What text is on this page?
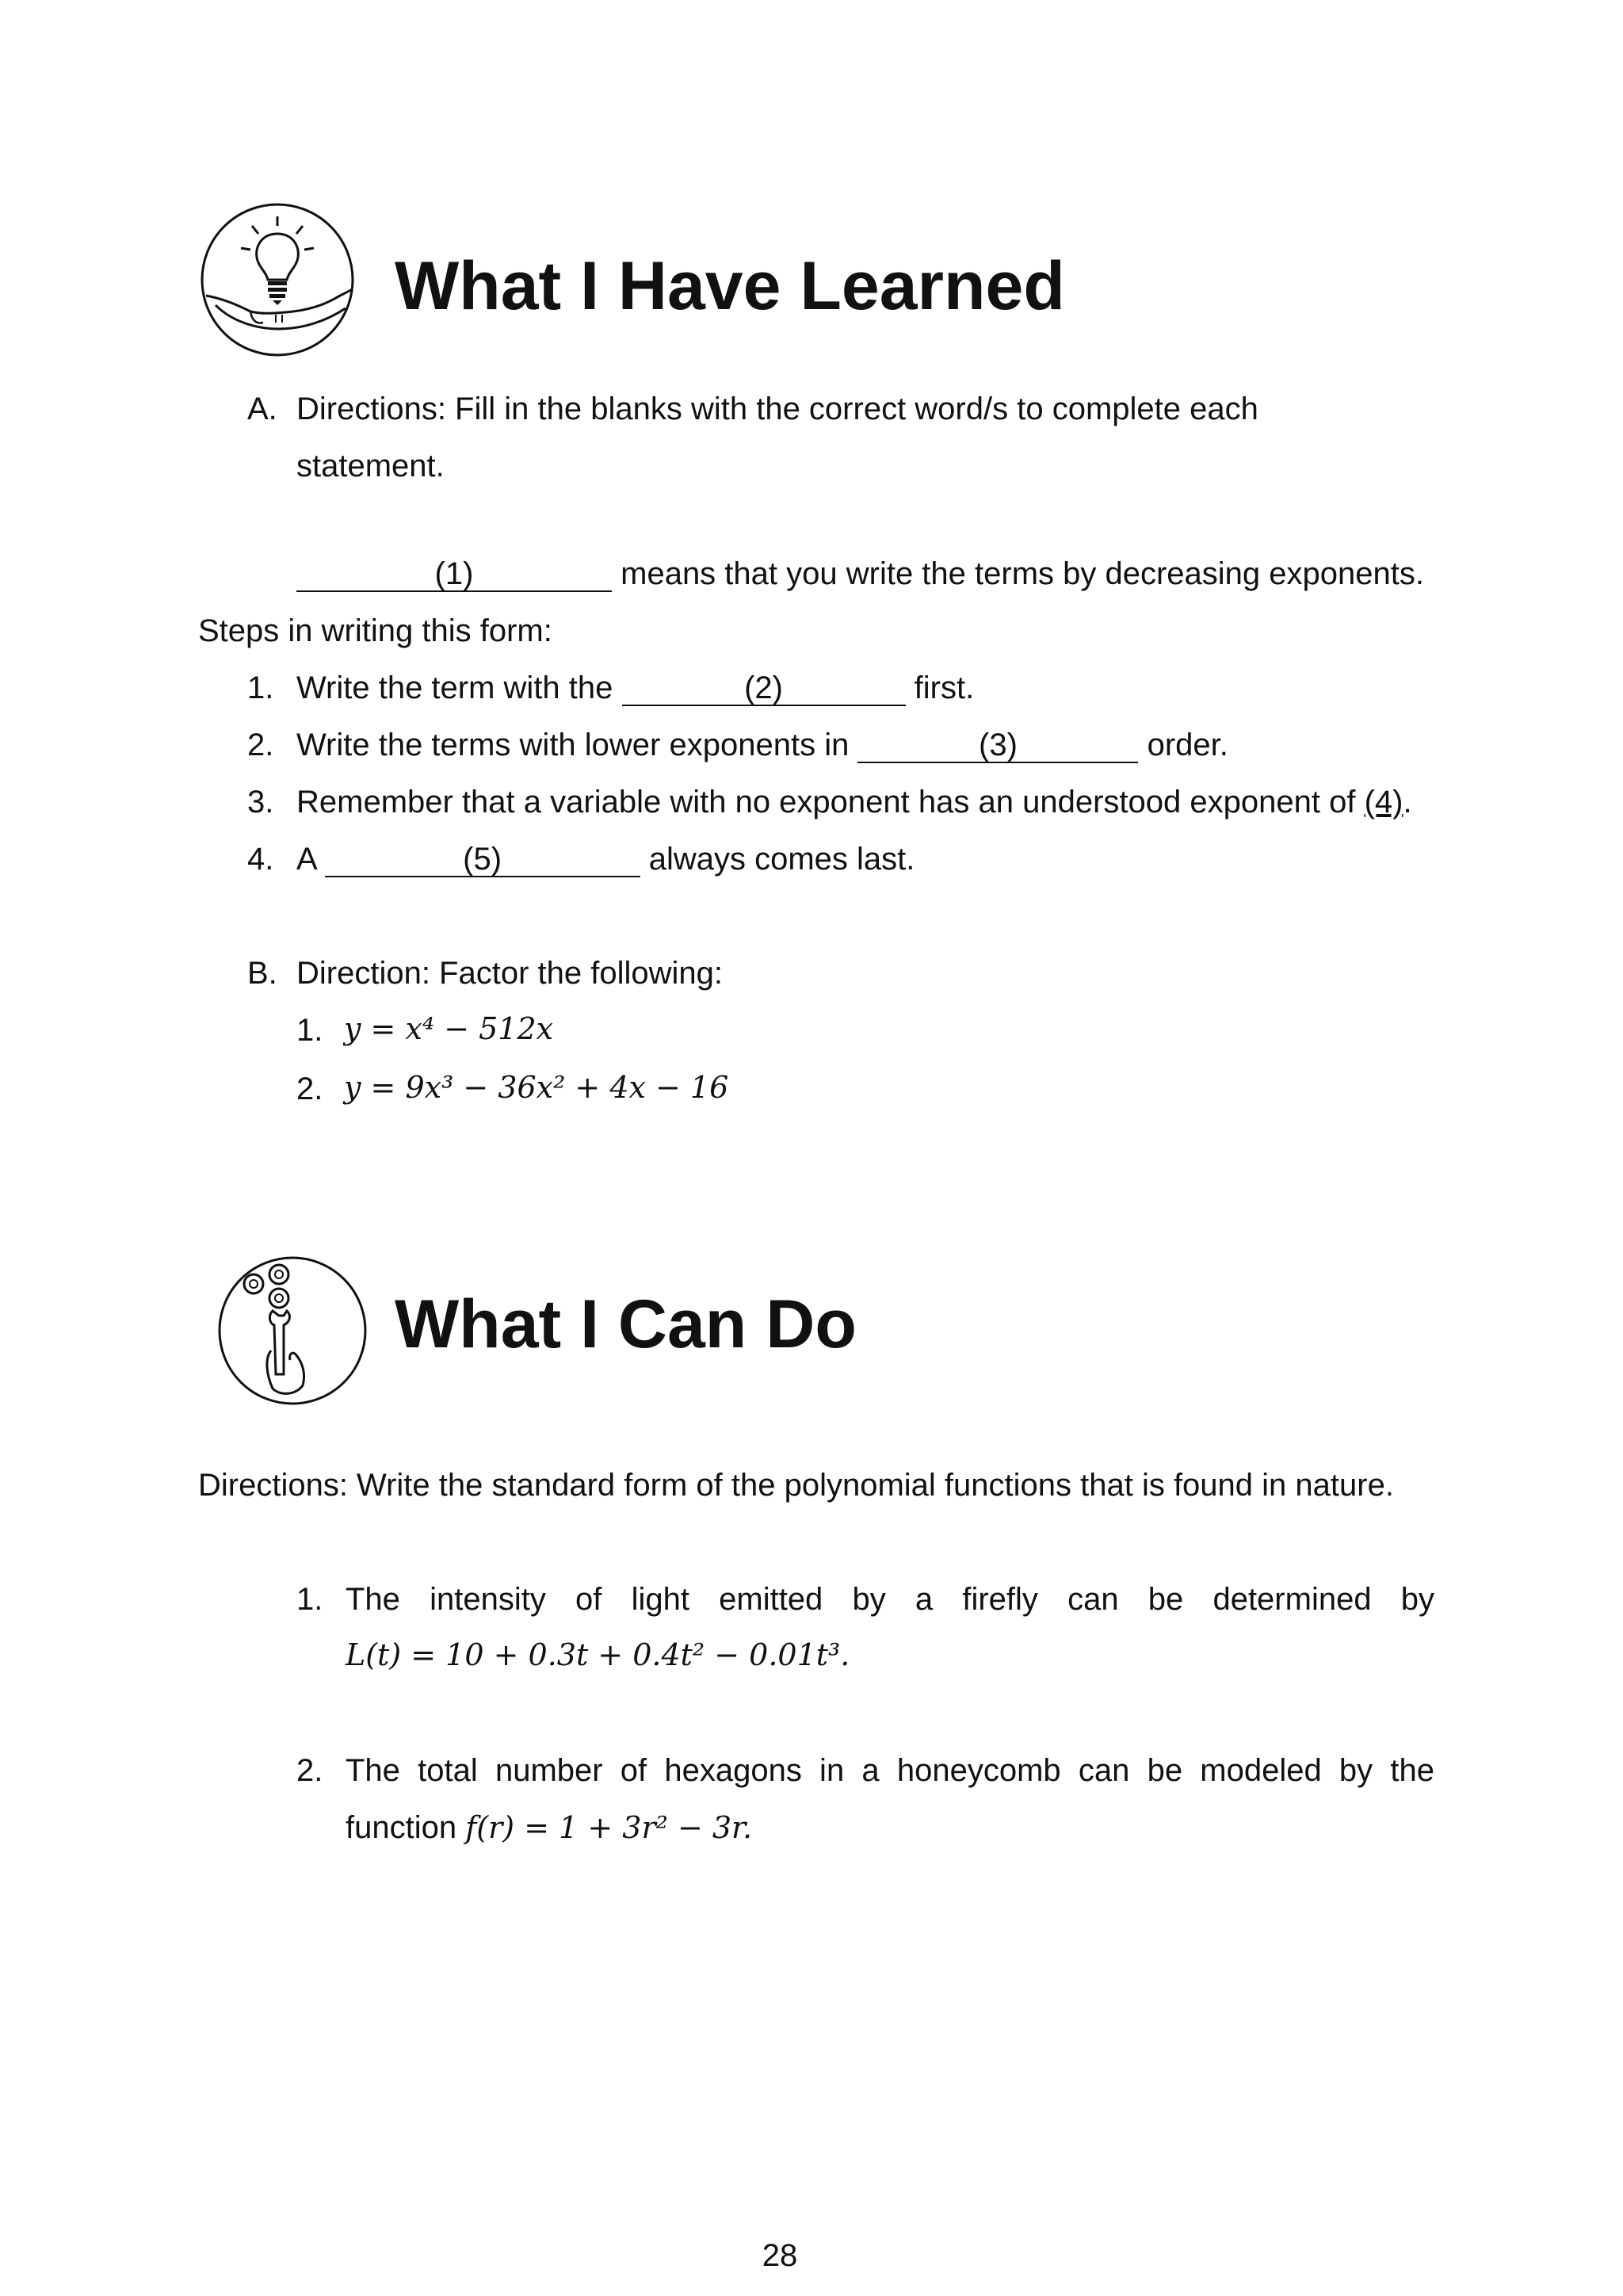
What I Have Learned
A. Directions: Fill in the blanks with the correct word/s to complete each
statement.
(1)	means that you write the terms by decreasing exponents.
Steps in writing this form:
1. Write the term with the	(2)	first.
2. Write the terms with lower exponents in	(3)	order.
3. Remember that a variable with no exponent has an understood exponent of (4).
4. A	(5)	always comes last.
B. Direction: Factor the following:
1. y = x⁴ − 512x
2. y = 9x³ − 36x² + 4x − 16
What I Can Do
Directions: Write the standard form of the polynomial functions that is found in nature.
1. The intensity of light emitted by a firefly can be determined by
L(t) = 10 + 0.3t + 0.4t² − 0.01t³.
2. The total number of hexagons in a honeycomb can be modeled by the
function f(r) = 1 + 3r² − 3r.
28
